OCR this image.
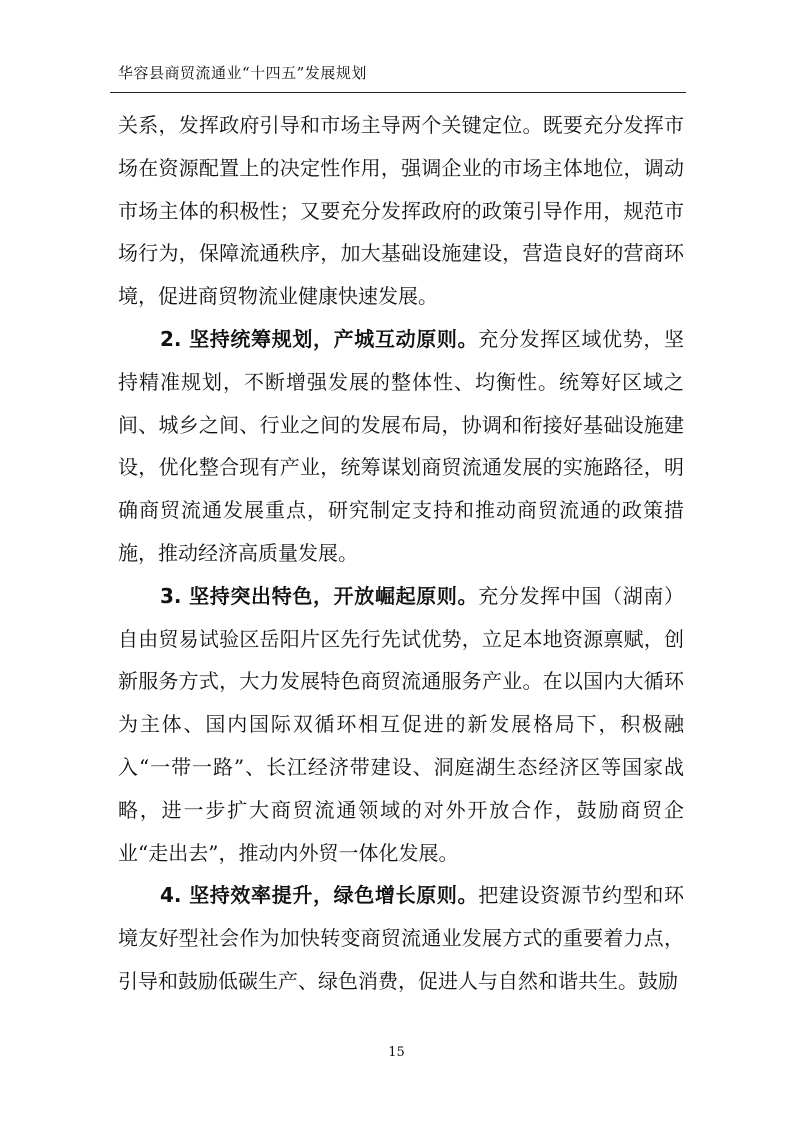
华容县商贸流通业“十四五”发展规划

关系，发挥政府引导和市场主导两个关键定位。既要充分发挥市场在资源配置上的决定性作用，强调企业的市场主体地位，调动市场主体的积极性；又要充分发挥政府的政策引导作用，规范市场行为，保障流通秩序，加大基础设施建设，营造良好的营商环境，促进商贸物流业健康快速发展。

2. 坚持统筹规划，产城互动原则。充分发挥区域优势，坚持精准规划，不断增强发展的整体性、均衡性。统筹好区域之间、城乡之间、行业之间的发展布局，协调和衔接好基础设施建设，优化整合现有产业，统筹谋划商贸流通发展的实施路径，明确商贸流通发展重点，研究制定支持和推动商贸流通的政策措施，推动经济高质量发展。

3. 坚持突出特色，开放崛起原则。充分发挥中国（湖南）自由贸易试验区岳阳片区先行先试优势，立足本地资源禀赋，创新服务方式，大力发展特色商贸流通服务产业。在以国内大循环为主体、国内国际双循环相互促进的新发展格局下，积极融入“一带一路”、长江经济带建设、洞庭湖生态经济区等国家战略，进一步扩大商贸流通领域的对外开放合作，鼓励商贸企业“走出去”，推动内外贸一体化发展。

4. 坚持效率提升，绿色增长原则。把建设资源节约型和环境友好型社会作为加快转变商贸流通业发展方式的重要着力点，引导和鼓励低碳生产、绿色消费，促进人与自然和谐共生。鼓励

15
